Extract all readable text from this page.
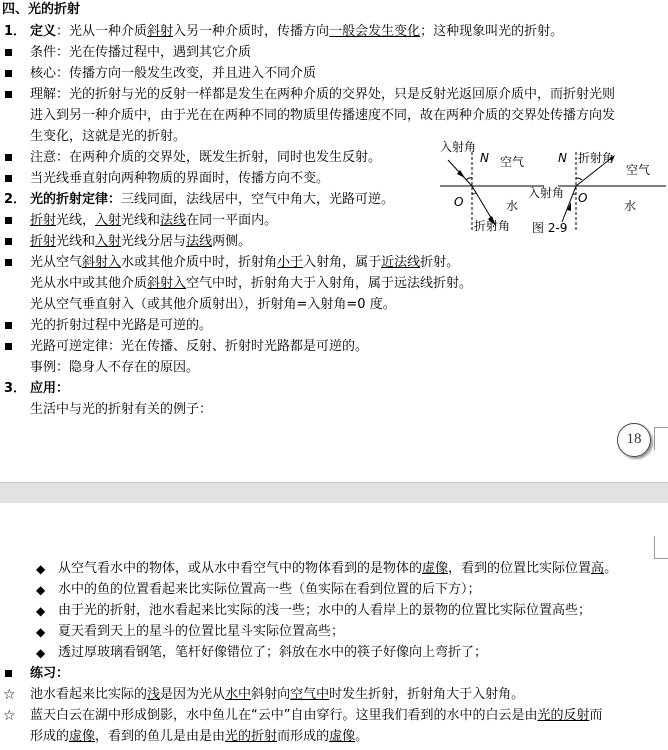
四、光的折射
1． 定义：光从一种介质斜射入另一种介质时，传播方向一般会发生变化；这种现象叫光的折射。
条件：光在传播过程中，遇到其它介质
核心：传播方向一般发生改变，并且进入不同介质
理解：光的折射与光的反射一样都是发生在两种介质的交界处，只是反射光返回原介质中，而折射光则
进入到另一种介质中，由于光在在两种不同的物质里传播速度不同，故在两种介质的交界处传播方向发
生变化，这就是光的折射。
注意：在两种介质的交界处，既发生折射，同时也发生反射。
当光线垂直射向两种物质的界面时，传播方向不变。
2． 光的折射定律：三线同面，法线居中，空气中角大，光路可逆。
折射光线，入射光线和法线在同一平面内。
折射光线和入射光线分居与法线两侧。
光从空气斜射入水或其他介质中时，折射角小于入射角，属于近法线折射。
光从水中或其他介质斜射入空气中时，折射角大于入射角，属于远法线折射。
光从空气垂直射入（或其他介质射出），折射角=入射角=0 度。
光的折射过程中光路是可逆的。
光路可逆定律：光在传播、反射、折射时光路都是可逆的。
事例：隐身人不存在的原因。
3． 应用：
生活中与光的折射有关的例子：
入射角
N 空气
O	水
折射角
N 折射角
空气
入射角 O
水
图 2-9
18
◆ 从空气看水中的物体，或从水中看空气中的物体看到的是物体的虚像，看到的位置比实际位置高。
◆ 水中的鱼的位置看起来比实际位置高一些（鱼实际在看到位置的后下方）；
◆ 由于光的折射，池水看起来比实际的浅一些；水中的人看岸上的景物的位置比实际位置高些；
◆ 夏天看到天上的星斗的位置比星斗实际位置高些；
◆ 透过厚玻璃看钢笔，笔杆好像错位了；斜放在水中的筷子好像向上弯折了；
练习：
☆ 池水看起来比实际的浅是因为光从水中斜射向空气中时发生折射，折射角大于入射角。
☆ 蓝天白云在湖中形成倒影，水中鱼儿在“云中”自由穿行。这里我们看到的水中的白云是由光的反射而
形成的虚像，看到的鱼儿是由是由光的折射而形成的虚像。
